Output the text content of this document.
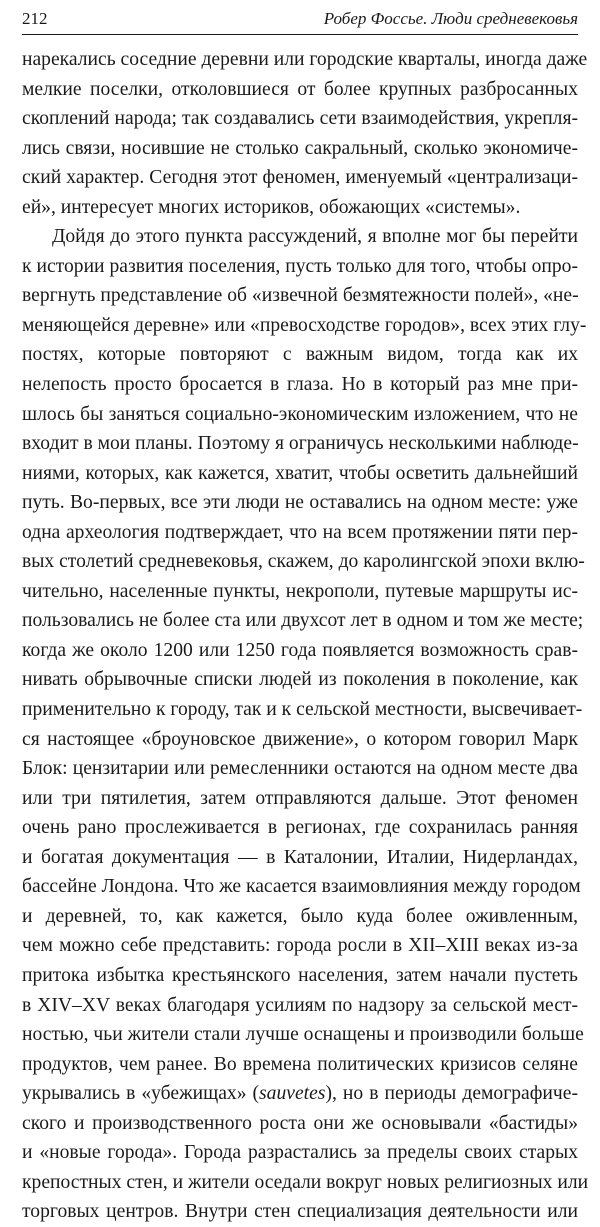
212	Робер Фоссье. Люди средневековья
нарекались соседние деревни или городские кварталы, иногда даже
мелкие поселки, отколовшиеся от более крупных разбросанных
скоплений народа; так создавались сети взаимодействия, укрепля-
лись связи, носившие не столько сакральный, сколько экономиче-
ский характер. Сегодня этот феномен, именуемый «централизаци-
ей», интересует многих историков, обожающих «системы».
Дойдя до этого пункта рассуждений, я вполне мог бы перейти
к истории развития поселения, пусть только для того, чтобы опро-
вергнуть представление об «извечной безмятежности полей», «не-
меняющейся деревне» или «превосходстве городов», всех этих глу-
постях, которые повторяют с важным видом, тогда как их
нелепость просто бросается в глаза. Но в который раз мне при-
шлось бы заняться социально-экономическим изложением, что не
входит в мои планы. Поэтому я ограничусь несколькими наблюде-
ниями, которых, как кажется, хватит, чтобы осветить дальнейший
путь. Во-первых, все эти люди не оставались на одном месте: уже
одна археология подтверждает, что на всем протяжении пяти пер-
вых столетий средневековья, скажем, до каролингской эпохи вклю-
чительно, населенные пункты, некрополи, путевые маршруты ис-
пользовались не более ста или двухсот лет в одном и том же месте;
когда же около 1200 или 1250 года появляется возможность срав-
нивать обрывочные списки людей из поколения в поколение, как
применительно к городу, так и к сельской местности, высвечивает-
ся настоящее «броуновское движение», о котором говорил Марк
Блок: цензитарии или ремесленники остаются на одном месте два
или три пятилетия, затем отправляются дальше. Этот феномен
очень рано прослеживается в регионах, где сохранилась ранняя
и богатая документация — в Каталонии, Италии, Нидерландах,
бассейне Лондона. Что же касается взаимовлияния между городом
и деревней, то, как кажется, было куда более оживленным,
чем можно себе представить: города росли в XII–XIII веках из-за
притока избытка крестьянского населения, затем начали пустеть
в XIV–XV веках благодаря усилиям по надзору за сельской мест-
ностью, чьи жители стали лучше оснащены и производили больше
продуктов, чем ранее. Во времена политических кризисов селяне
укрывались в «убежищах» (sauvetes), но в периоды демографиче-
ского и производственного роста они же основывали «бастиды»
и «новые города». Города разрастались за пределы своих старых
крепостных стен, и жители оседали вокруг новых религиозных или
торговых центров. Внутри стен специализация деятельности или
